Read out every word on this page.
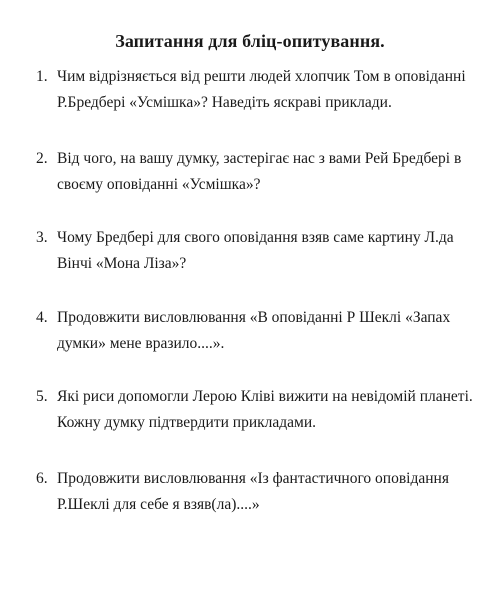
Запитання для бліц-опитування.
1. Чим відрізняється від решти людей хлопчик Том в оповіданні
Р.Бредбері «Усмішка»? Наведіть яскраві приклади.
2. Від чого, на вашу думку, застерігає нас з вами Рей Бредбері в
своєму оповіданні «Усмішка»?
3. Чому Бредбері для свого оповідання взяв саме картину Л.да
Вінчі «Мона Ліза»?
4. Продовжити висловлювання «В оповіданні Р Шеклі «Запах
думки» мене вразило....».
5. Які риси допомогли Лерою Кліві вижити на невідомій планеті.
Кожну думку підтвердити прикладами.
6. Продовжити висловлювання «Із фантастичного оповідання
Р.Шеклі для себе я взяв(ла)....»
